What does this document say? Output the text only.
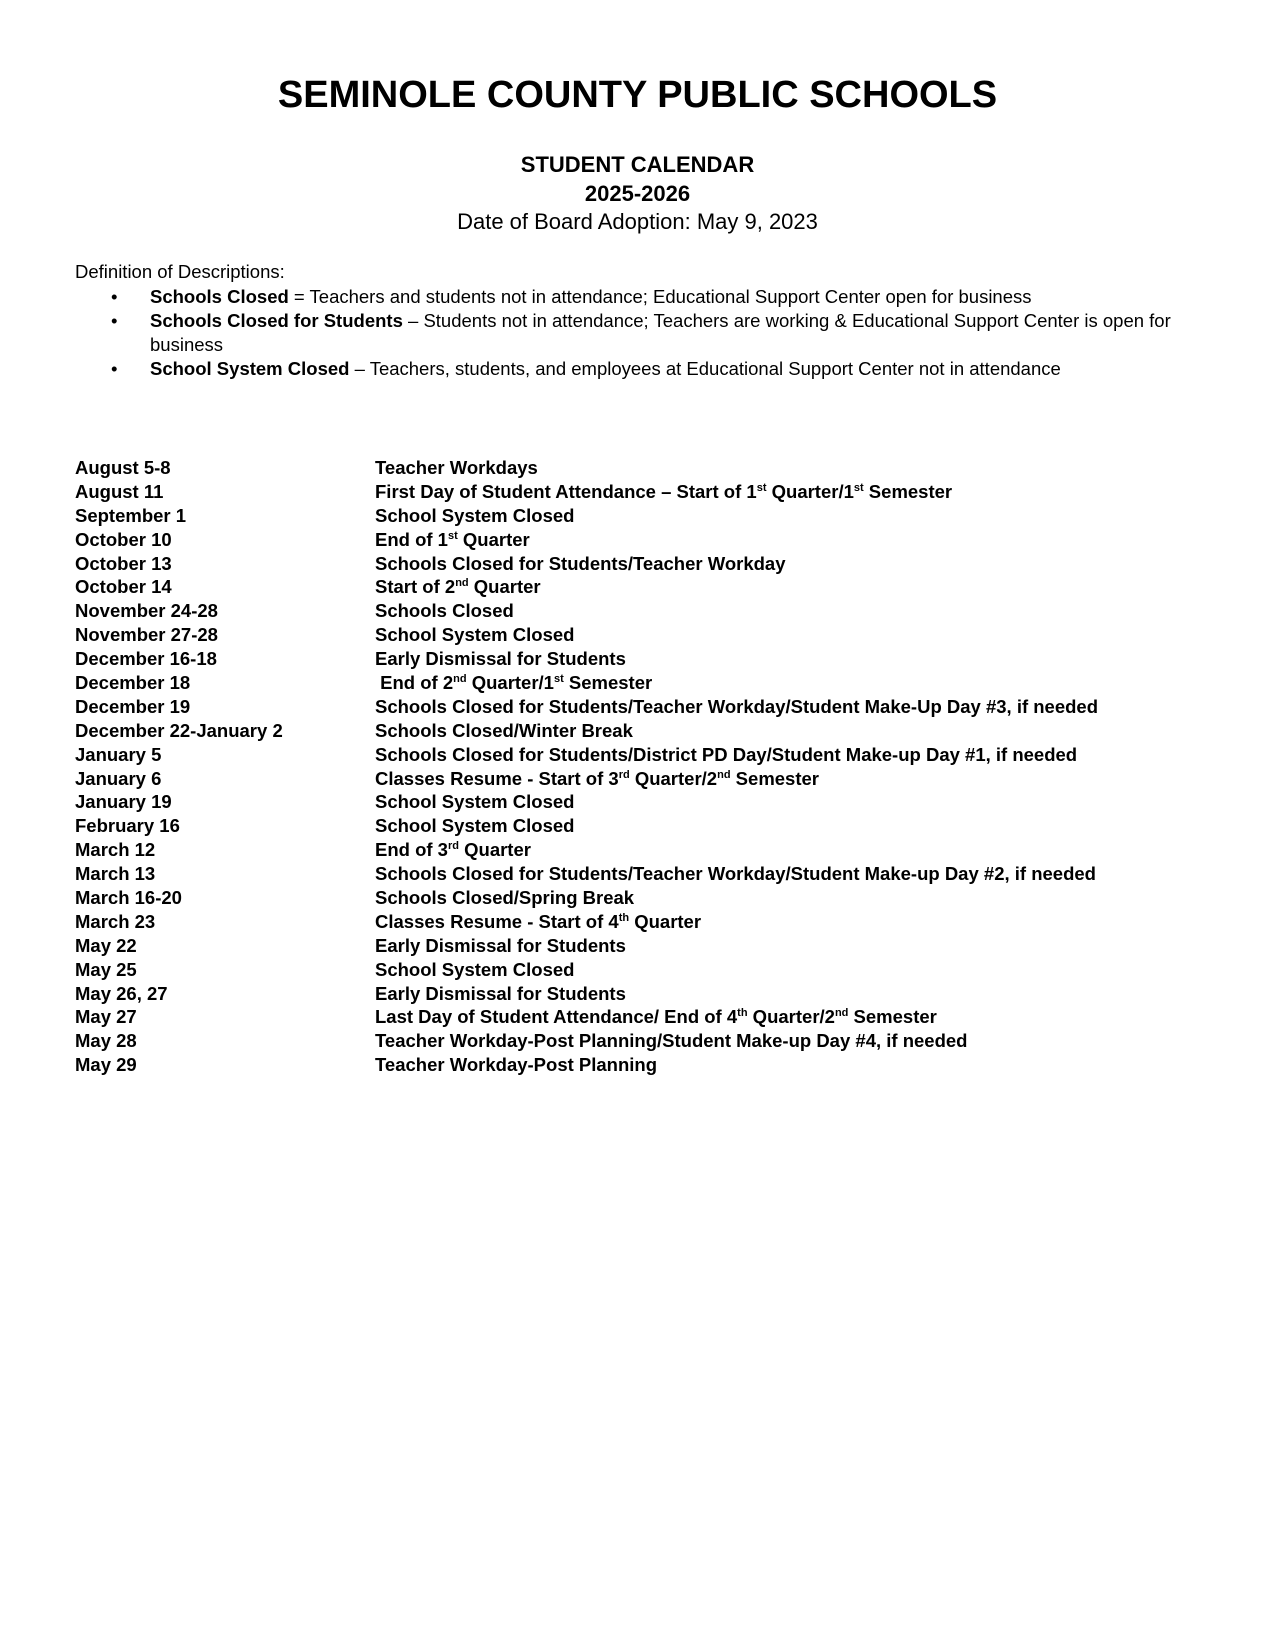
SEMINOLE COUNTY PUBLIC SCHOOLS
STUDENT CALENDAR
2025-2026
Date of Board Adoption: May 9, 2023
Definition of Descriptions:
• Schools Closed = Teachers and students not in attendance; Educational Support Center open for business
• Schools Closed for Students – Students not in attendance; Teachers are working & Educational Support Center is open for business
• School System Closed – Teachers, students, and employees at Educational Support Center not in attendance
August 5-8	Teacher Workdays
August 11	First Day of Student Attendance – Start of 1st Quarter/1st Semester
September 1	School System Closed
October 10	End of 1st Quarter
October 13	Schools Closed for Students/Teacher Workday
October 14	Start of 2nd Quarter
November 24-28	Schools Closed
November 27-28	School System Closed
December 16-18	Early Dismissal for Students
December 18	End of 2nd Quarter/1st Semester
December 19	Schools Closed for Students/Teacher Workday/Student Make-Up Day #3, if needed
December 22-January 2	Schools Closed/Winter Break
January 5	Schools Closed for Students/District PD Day/Student Make-up Day #1, if needed
January 6	Classes Resume - Start of 3rd Quarter/2nd Semester
January 19	School System Closed
February 16	School System Closed
March 12	End of 3rd Quarter
March 13	Schools Closed for Students/Teacher Workday/Student Make-up Day #2, if needed
March 16-20	Schools Closed/Spring Break
March 23	Classes Resume - Start of 4th Quarter
May 22	Early Dismissal for Students
May 25	School System Closed
May 26, 27	Early Dismissal for Students
May 27	Last Day of Student Attendance/ End of 4th Quarter/2nd Semester
May 28	Teacher Workday-Post Planning/Student Make-up Day #4, if needed
May 29	Teacher Workday-Post Planning
